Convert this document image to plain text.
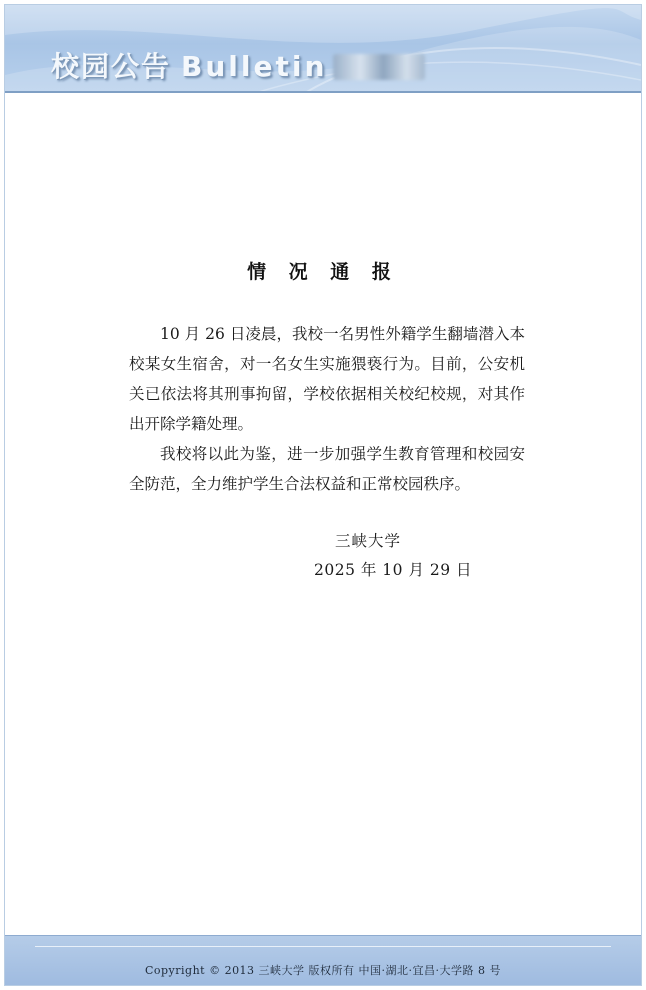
校园公告 Bulletin
情 况 通 报

10 月 26 日凌晨，我校一名男性外籍学生翻墙潜入本校某女生宿舍，对一名女生实施猥亵行为。目前，公安机关已依法将其刑事拘留，学校依据相关校纪校规，对其作出开除学籍处理。

我校将以此为鉴，进一步加强学生教育管理和校园安全防范，全力维护学生合法权益和正常校园秩序。

三峡大学
2025 年 10 月 29 日
Copyright © 2013 三峡大学 版权所有 中国·湖北·宜昌·大学路 8 号
